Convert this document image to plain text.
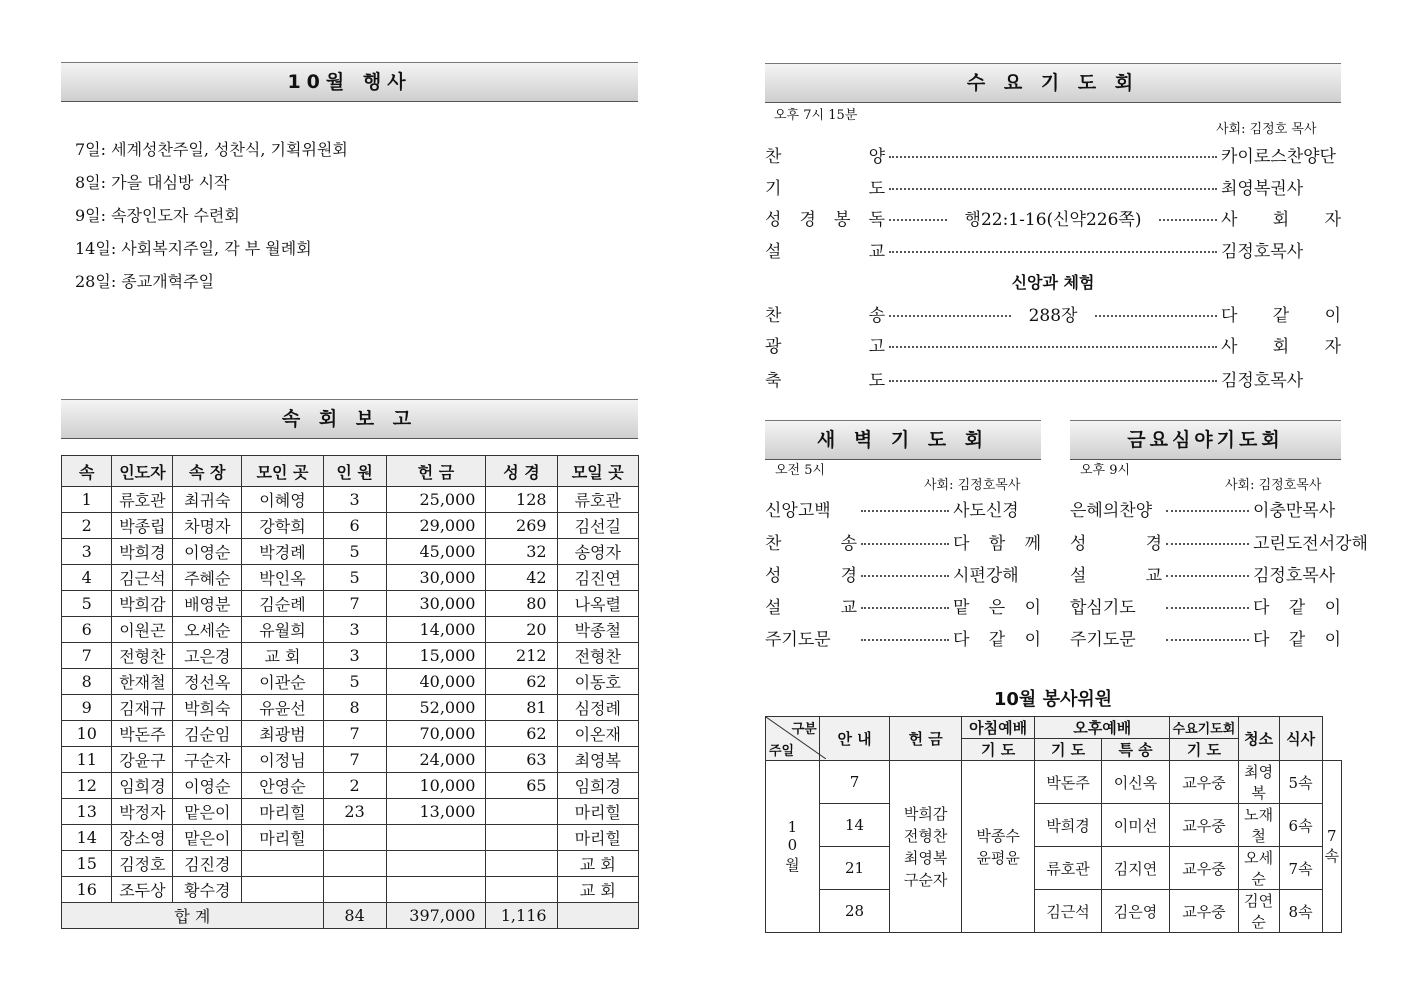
10월 행사
7일: 세계성찬주일, 성찬식, 기획위원회
8일: 가을 대심방 시작
9일: 속장인도자 수련회
14일: 사회복지주일, 각 부 월례회
28일: 종교개혁주일
속 회 보 고
속	인도자	속 장	모인 곳	인 원	헌 금	성 경	모일 곳
1	류호관	최귀숙	이혜영	3	25,000	128	류호관
2	박종립	차명자	강학희	6	29,000	269	김선길
3	박희경	이영순	박경례	5	45,000	32	송영자
4	김근석	주혜순	박인옥	5	30,000	42	김진연
5	박희감	배영분	김순례	7	30,000	80	나옥렬
6	이원곤	오세순	유월희	3	14,000	20	박종철
7	전형찬	고은경	교 회	3	15,000	212	전형찬
8	한재철	정선옥	이관순	5	40,000	62	이동호
9	김재규	박희숙	유윤선	8	52,000	81	심정례
10	박돈주	김순임	최광범	7	70,000	62	이온재
11	강윤구	구순자	이정님	7	24,000	63	최영복
12	임희경	이영순	안영순	2	10,000	65	임희경
13	박정자	맡은이	마리힐	23	13,000		마리힐
14	장소영	맡은이	마리힐				마리힐
15	김정호	김진경					교 회
16	조두상	황수경					교 회
합 계				84	397,000	1,116	
수 요 기 도 회
오후 7시 15분
사회: 김정호 목사
찬 양	카이로스찬양단
기 도	최영복권사
성 경 봉 독	행22:1-16(신약226쪽)	사 회 자
설 교	김정호목사
찬 송	288장	다 같 이
광 고	사 회 자
축 도	김정호목사
신앙과 체험
새 벽 기 도 회
오전 5시
사회: 김정호목사
신앙고백	사도신경
찬 송	다 함 께
성 경	시편강해
설 교	맡 은 이
주기도문	다 같 이
금요심야기도회
오후 9시
사회: 김정호목사
은혜의찬양	이충만목사
성 경	고린도전서강해
설 교	김정호목사
합심기도	다 같 이
주기도문	다 같 이
10월 봉사위원
구분
주일	안 내	헌 금	아침예배	오후예배		수요기도회	청소	식사	
			기 도	기 도	특 송	기 도			
10월	7	박희감 전형찬 최영복 구순자	박종수 윤평윤	박돈주	이신옥	교우중	최영복	5속	7속
	14			박희경	이미선	교우중	노재철	6속	
	21			류호관	김지연	교우중	오세순	7속	
	28			김근석	김은영	교우중	김연순	8속	
